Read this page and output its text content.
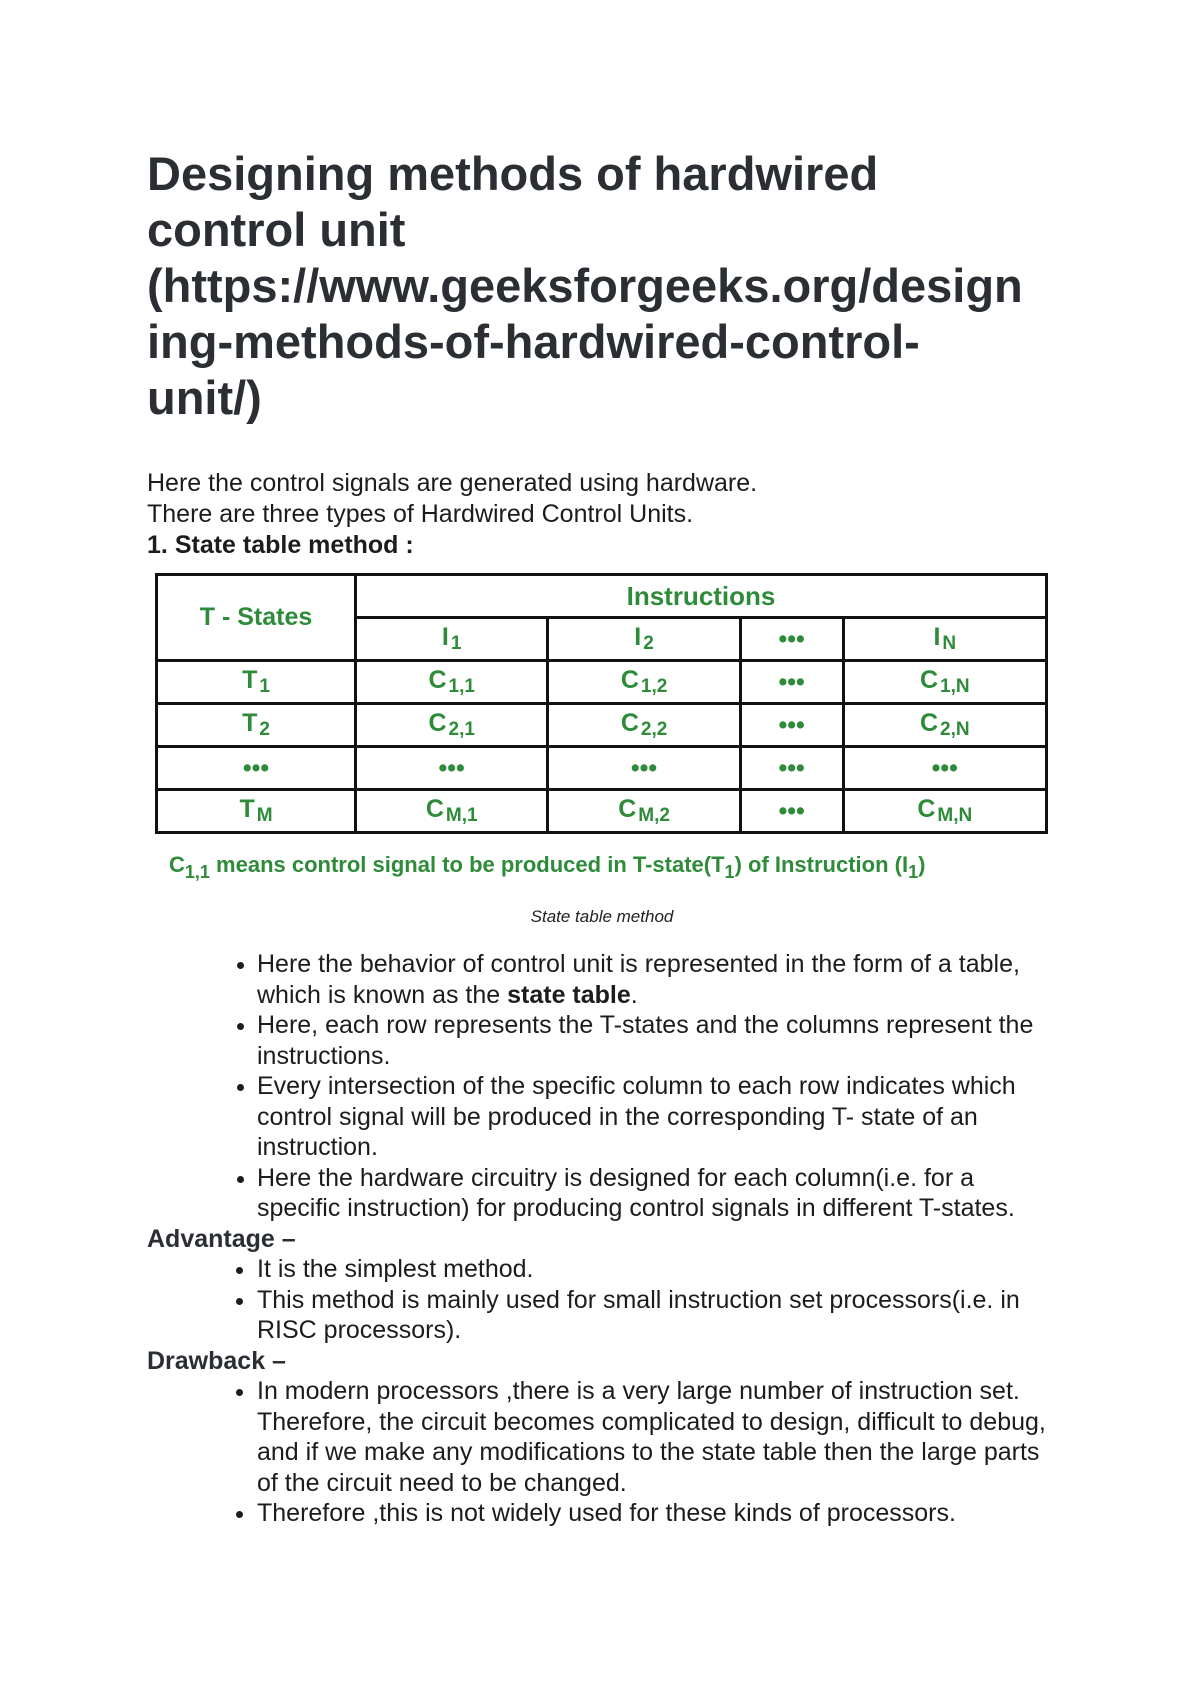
Designing methods of hardwired
control unit
(https://www.geeksforgeeks.org/design
ing-methods-of-hardwired-control-
unit/)
Here the control signals are generated using hardware.
There are three types of Hardwired Control Units.
1. State table method :
T - States	Instructions			
	I $_1$	I $_2$	•••	I $_N$
T $_1$	C $_{1,1}$	C $_{1,2}$	•••	C $_{1,N}$
T $_2$	C $_{2,1}$	C $_{2,2}$	•••	C $_{2,N}$
•••	•••	•••	•••	•••
T $_M$	C $_{M,1}$	C $_{M,2}$	•••	C $_{M,N}$
$C_{1,1}$ means control signal to be produced in $T-state(T_1)$ of Instruction $(I_1)$
State table method
• Here the behavior of control unit is represented in the form of a table, which is known as the state table.
• Here, each row represents the T-states and the columns represent the instructions.
• Every intersection of the specific column to each row indicates which control signal will be produced in the corresponding T- state of an instruction.
• Here the hardware circuitry is designed for each column(i.e. for a specific instruction) for producing control signals in different T-states.
Advantage –
• It is the simplest method.
• This method is mainly used for small instruction set processors(i.e. in RISC processors).
Drawback –
• In modern processors ,there is a very large number of instruction set. Therefore, the circuit becomes complicated to design, difficult to debug, and if we make any modifications to the state table then the large parts of the circuit need to be changed.
• Therefore ,this is not widely used for these kinds of processors.
